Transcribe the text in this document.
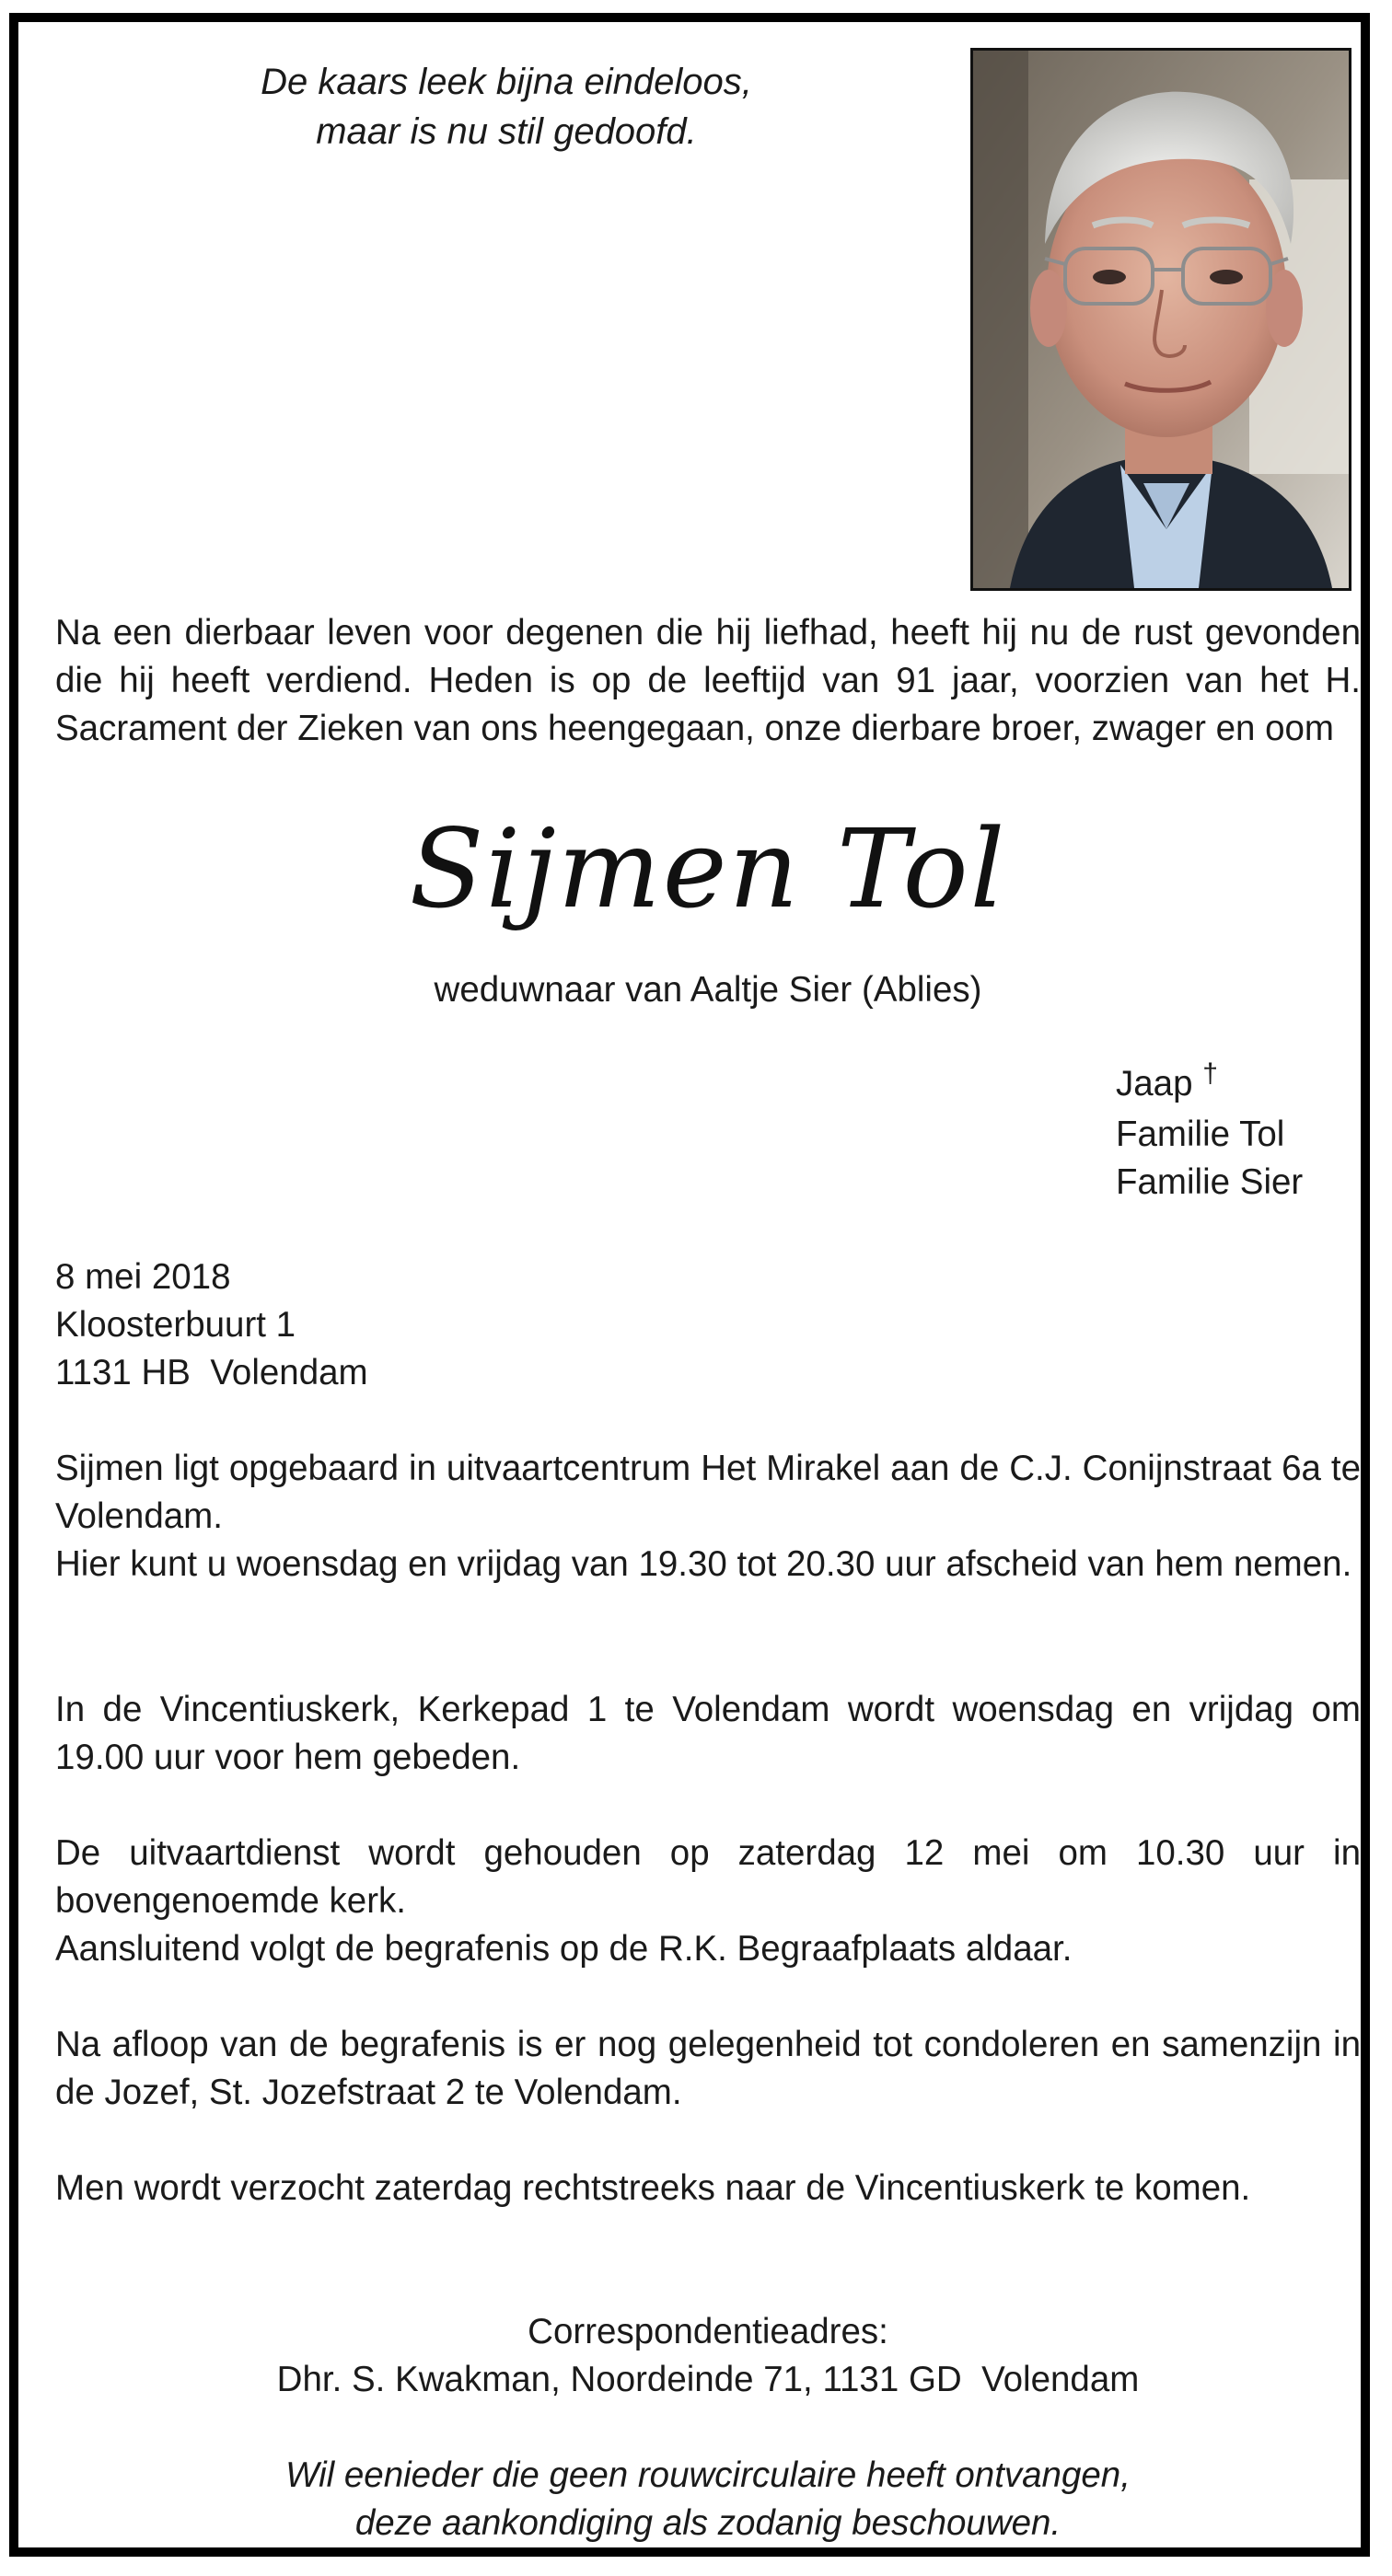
De kaars leek bijna eindeloos,
maar is nu stil gedoofd.
Na een dierbaar leven voor degenen die hij liefhad, heeft hij nu de rust gevonden die hij heeft verdiend. Heden is op de leeftijd van 91 jaar, voorzien van het H. Sacrament der Zieken van ons heengegaan, onze dierbare broer, zwager en oom
Sijmen Tol
weduwnaar van Aaltje Sier (Ablies)
Jaap †
Familie Tol
Familie Sier
8 mei 2018
Kloosterbuurt 1
1131 HB  Volendam
Sijmen ligt opgebaard in uitvaartcentrum Het Mirakel aan de C.J. Conijnstraat 6a te Volendam.
Hier kunt u woensdag en vrijdag van 19.30 tot 20.30 uur afscheid van hem nemen.
In de Vincentiuskerk, Kerkepad 1 te Volendam wordt woensdag en vrijdag om 19.00 uur voor hem gebeden.
De uitvaartdienst wordt gehouden op zaterdag 12 mei om 10.30 uur in bovengenoemde kerk.
Aansluitend volgt de begrafenis op de R.K. Begraafplaats aldaar.
Na afloop van de begrafenis is er nog gelegenheid tot condoleren en samenzijn in de Jozef, St. Jozefstraat 2 te Volendam.
Men wordt verzocht zaterdag rechtstreeks naar de Vincentiuskerk te komen.
Correspondentieadres:
Dhr. S. Kwakman, Noordeinde 71, 1131 GD  Volendam
Wil eenieder die geen rouwcirculaire heeft ontvangen,
deze aankondiging als zodanig beschouwen.
